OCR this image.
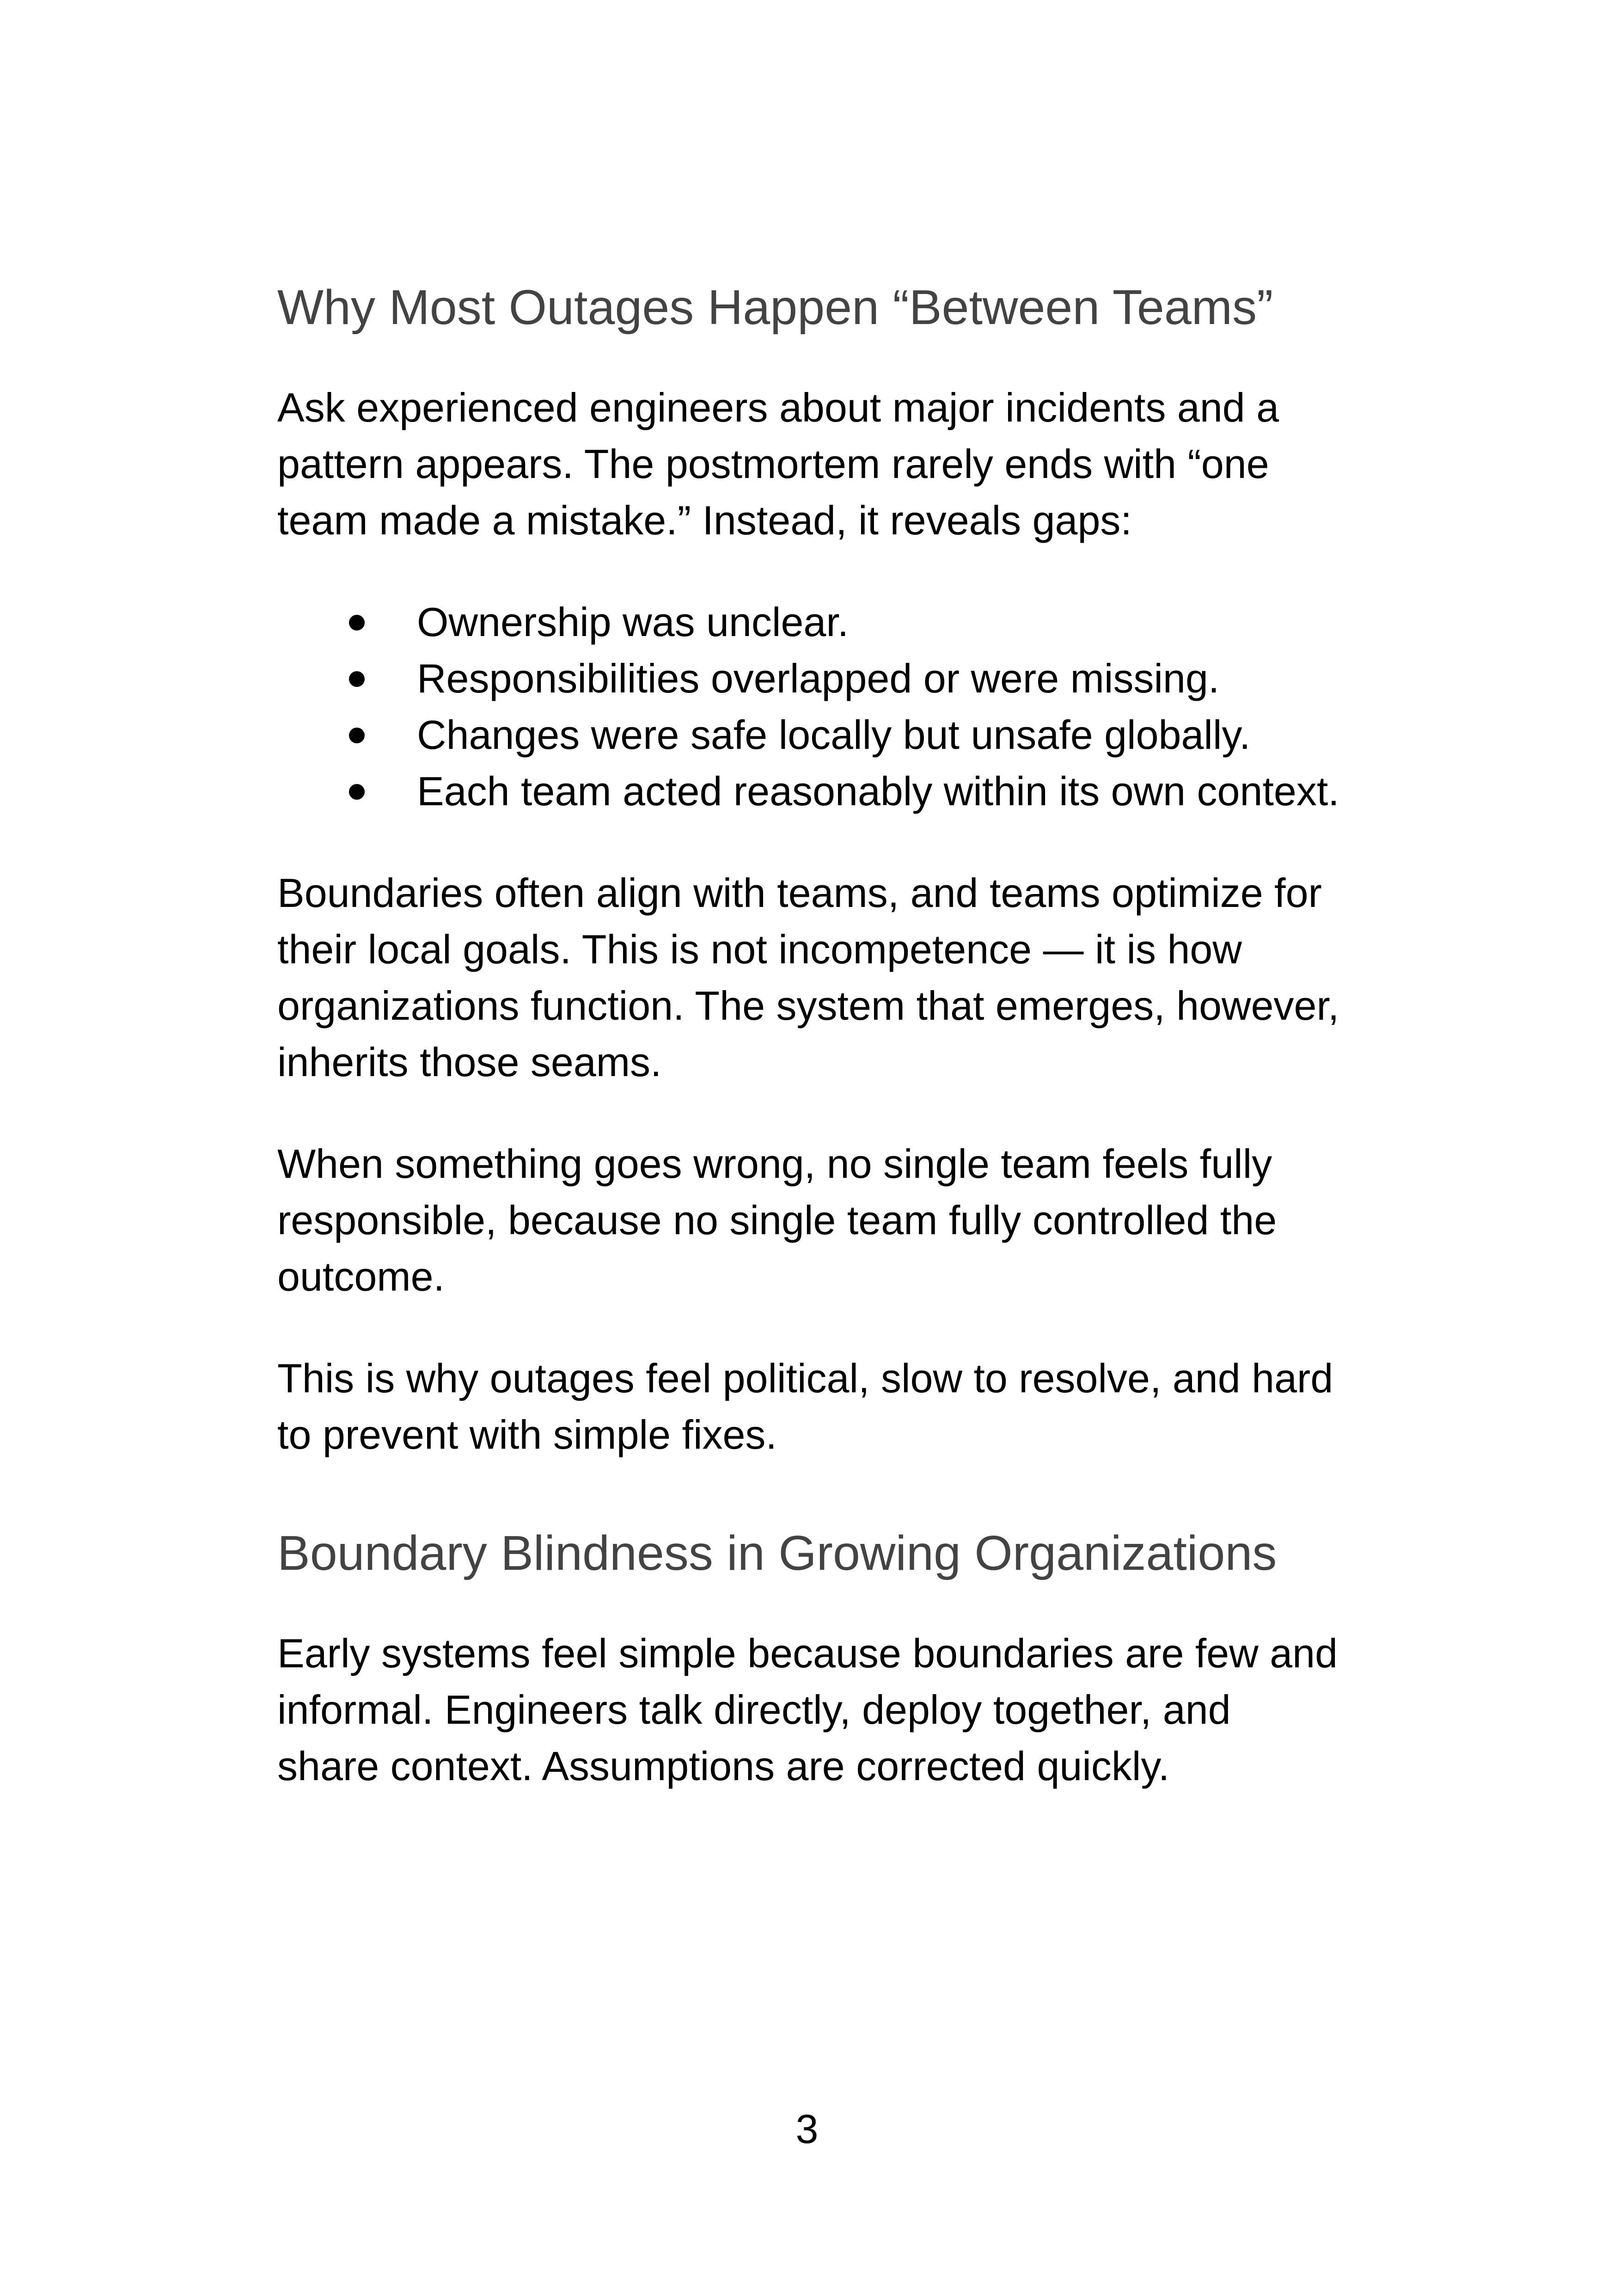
Why Most Outages Happen “Between Teams”

Ask experienced engineers about major incidents and a pattern appears. The postmortem rarely ends with “one team made a mistake.” Instead, it reveals gaps:

Ownership was unclear.
Responsibilities overlapped or were missing.
Changes were safe locally but unsafe globally.
Each team acted reasonably within its own context.

Boundaries often align with teams, and teams optimize for their local goals. This is not incompetence — it is how organizations function. The system that emerges, however, inherits those seams.

When something goes wrong, no single team feels fully responsible, because no single team fully controlled the outcome.

This is why outages feel political, slow to resolve, and hard to prevent with simple fixes.

Boundary Blindness in Growing Organizations

Early systems feel simple because boundaries are few and informal. Engineers talk directly, deploy together, and share context. Assumptions are corrected quickly.

3
